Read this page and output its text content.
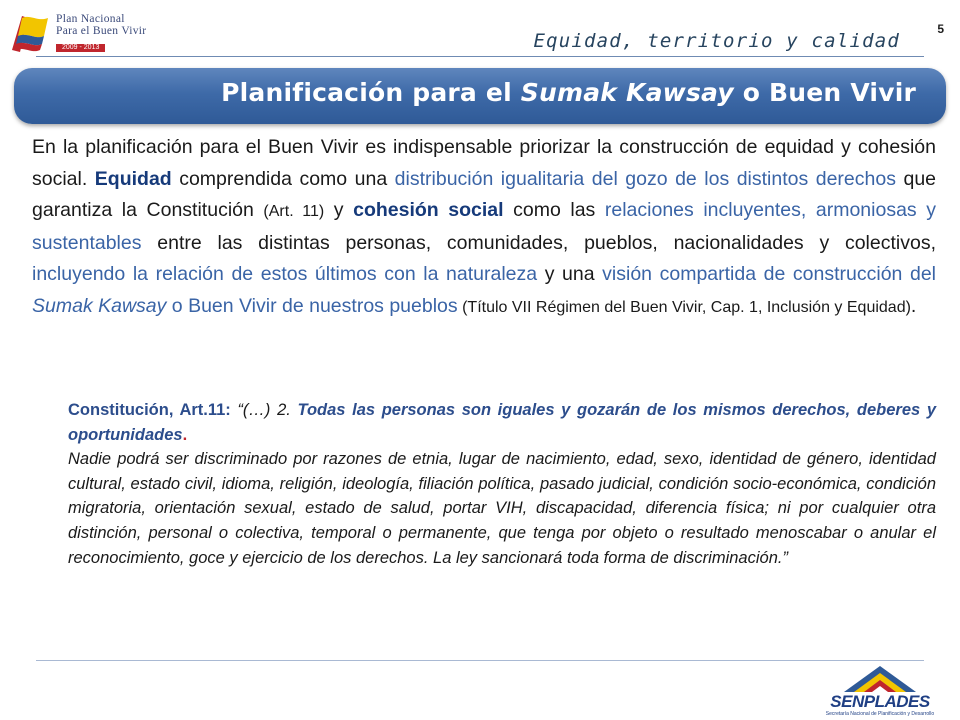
Plan Nacional
Para el Buen Vivir
2009 - 2013	Equidad, territorio y calidad
5
Planificación para el Sumak Kawsay o Buen Vivir
En la planificación para el Buen Vivir es indispensable priorizar la construcción de equidad y cohesión social. Equidad comprendida como una distribución igualitaria del gozo de los distintos derechos que garantiza la Constitución (Art. 11) y cohesión social como las relaciones incluyentes, armoniosas y sustentables entre las distintas personas, comunidades, pueblos, nacionalidades y colectivos, incluyendo la relación de estos últimos con la naturaleza y una visión compartida de construcción del Sumak Kawsay o Buen Vivir de nuestros pueblos (Título VII Régimen del Buen Vivir, Cap. 1, Inclusión y Equidad).
Constitución, Art.11: “(…) 2. Todas las personas son iguales y gozarán de los mismos derechos, deberes y oportunidades.
Nadie podrá ser discriminado por razones de etnia, lugar de nacimiento, edad, sexo, identidad de género, identidad cultural, estado civil, idioma, religión, ideología, filiación política, pasado judicial, condición socio-económica, condición migratoria, orientación sexual, estado de salud, portar VIH, discapacidad, diferencia física; ni por cualquier otra distinción, personal o colectiva, temporal o permanente, que tenga por objeto o resultado menoscabar o anular el reconocimiento, goce y ejercicio de los derechos. La ley sancionará toda forma de discriminación.”
SENPLADES
Secretaría Nacional de Planificación y Desarrollo
